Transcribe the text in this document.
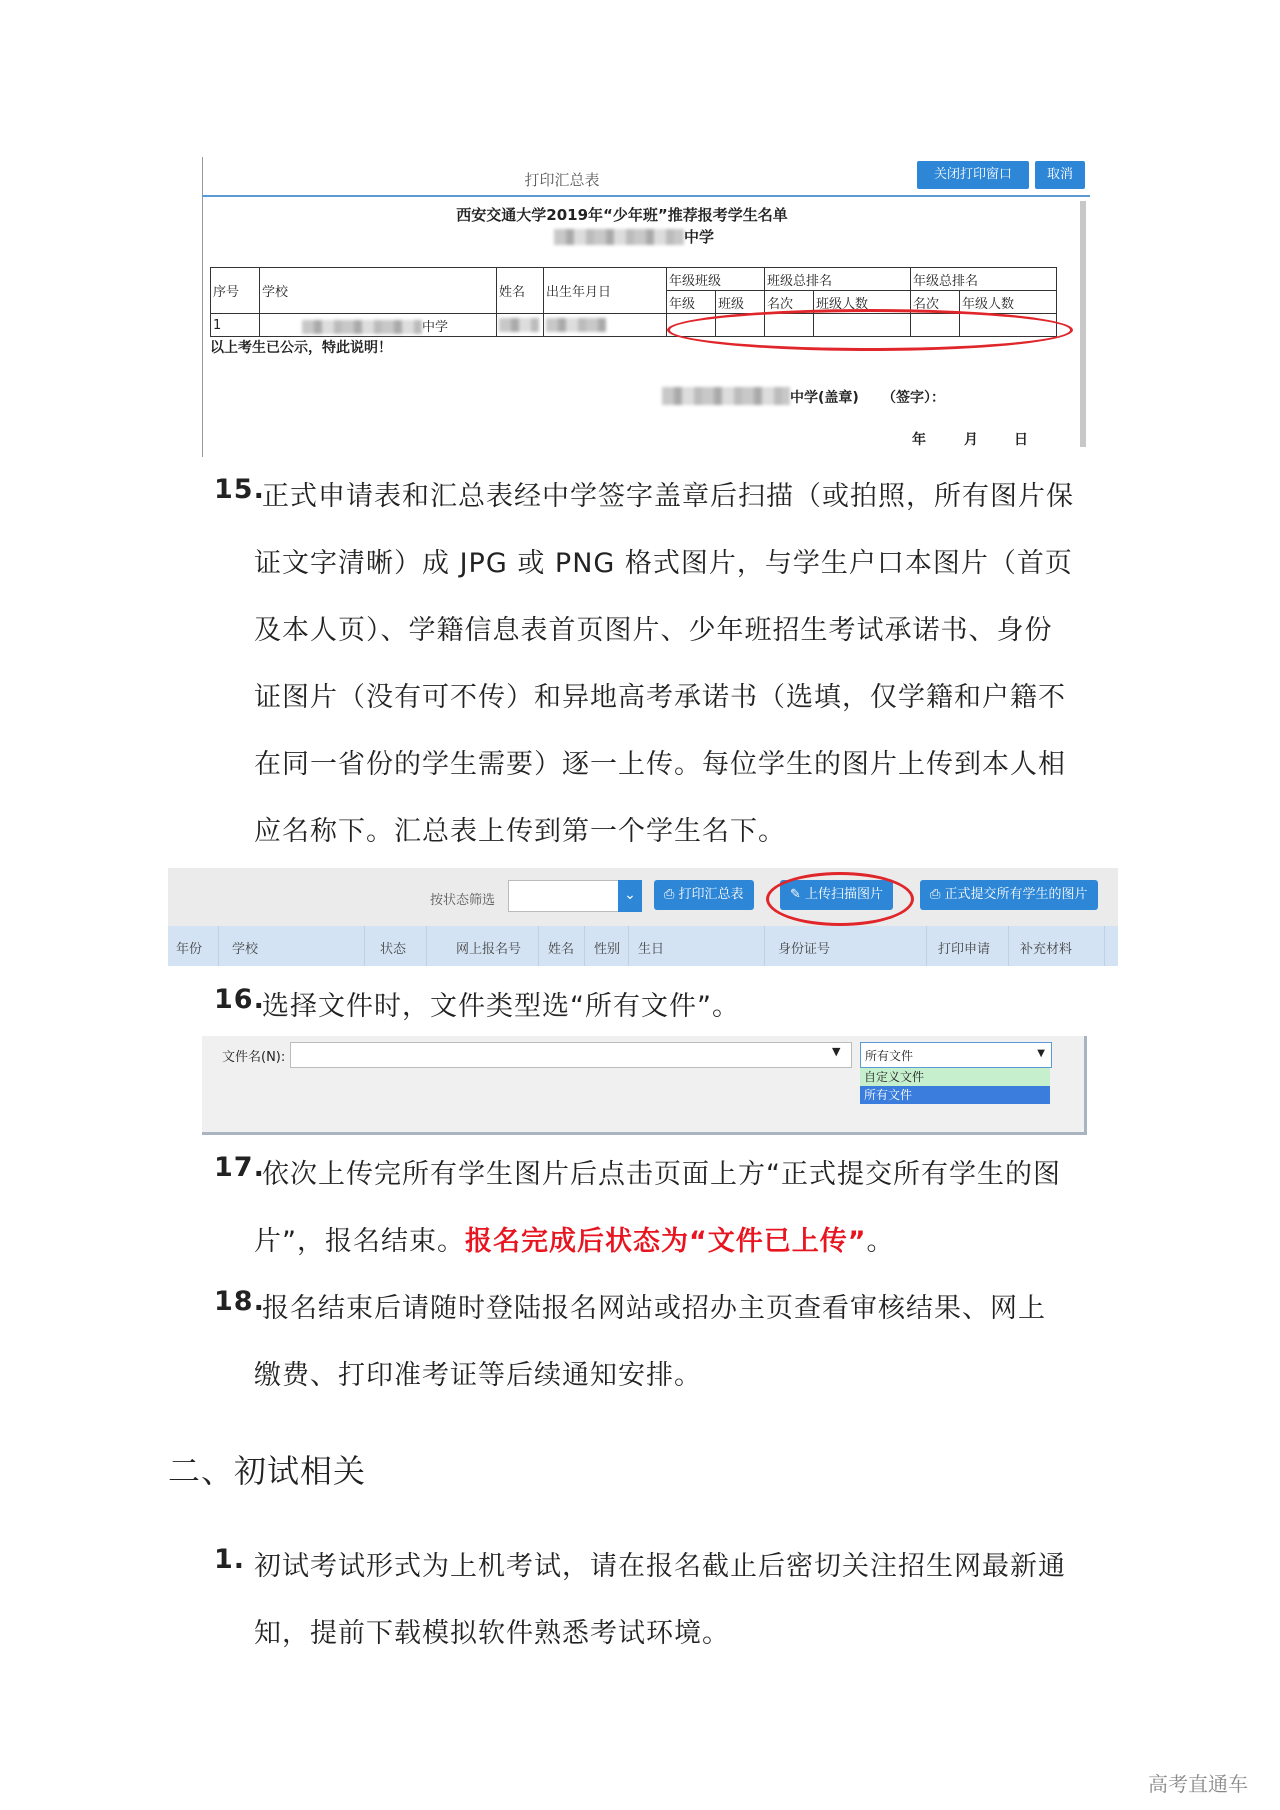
打印汇总表	关闭打印窗口	取消
西安交通大学2019年“少年班”推荐报考学生名单
中学
序号	学校	姓名	出生年月日	年级班级		班级总排名		年级总排名	
				年级	班级	名次	班级人数	名次	年级人数
1	中学								
以上考生已公示，特此说明！
中学(盖章) （签字）：
年	月	日
15.
正式申请表和汇总表经中学签字盖章后扫描（或拍照，所有图片保
证文字清晰）成 JPG 或 PNG 格式图片，与学生户口本图片（首页
及本人页）、学籍信息表首页图片、少年班招生考试承诺书、身份
证图片（没有可不传）和异地高考承诺书（选填，仅学籍和户籍不
在同一省份的学生需要）逐一上传。每位学生的图片上传到本人相
应名称下。汇总表上传到第一个学生名下。
按状态筛选	⌄	⎙ 打印汇总表	✎ 上传扫描图片	⎙ 正式提交所有学生的图片
年份 学校	状态	网上报名号 姓名 性别 生日	身份证号	打印申请 补充材料
16.
选择文件时，文件类型选“所有文件”。
文件名(N):	▼ 所有文件	▼
自定义文件
所有文件
17.
依次上传完所有学生图片后点击页面上方“正式提交所有学生的图
片”，报名结束。报名完成后状态为“文件已上传”。
18.
报名结束后请随时登陆报名网站或招办主页查看审核结果、网上
缴费、打印准考证等后续通知安排。
二、初试相关
1. 初试考试形式为上机考试，请在报名截止后密切关注招生网最新通
知，提前下载模拟软件熟悉考试环境。
高考直通车
